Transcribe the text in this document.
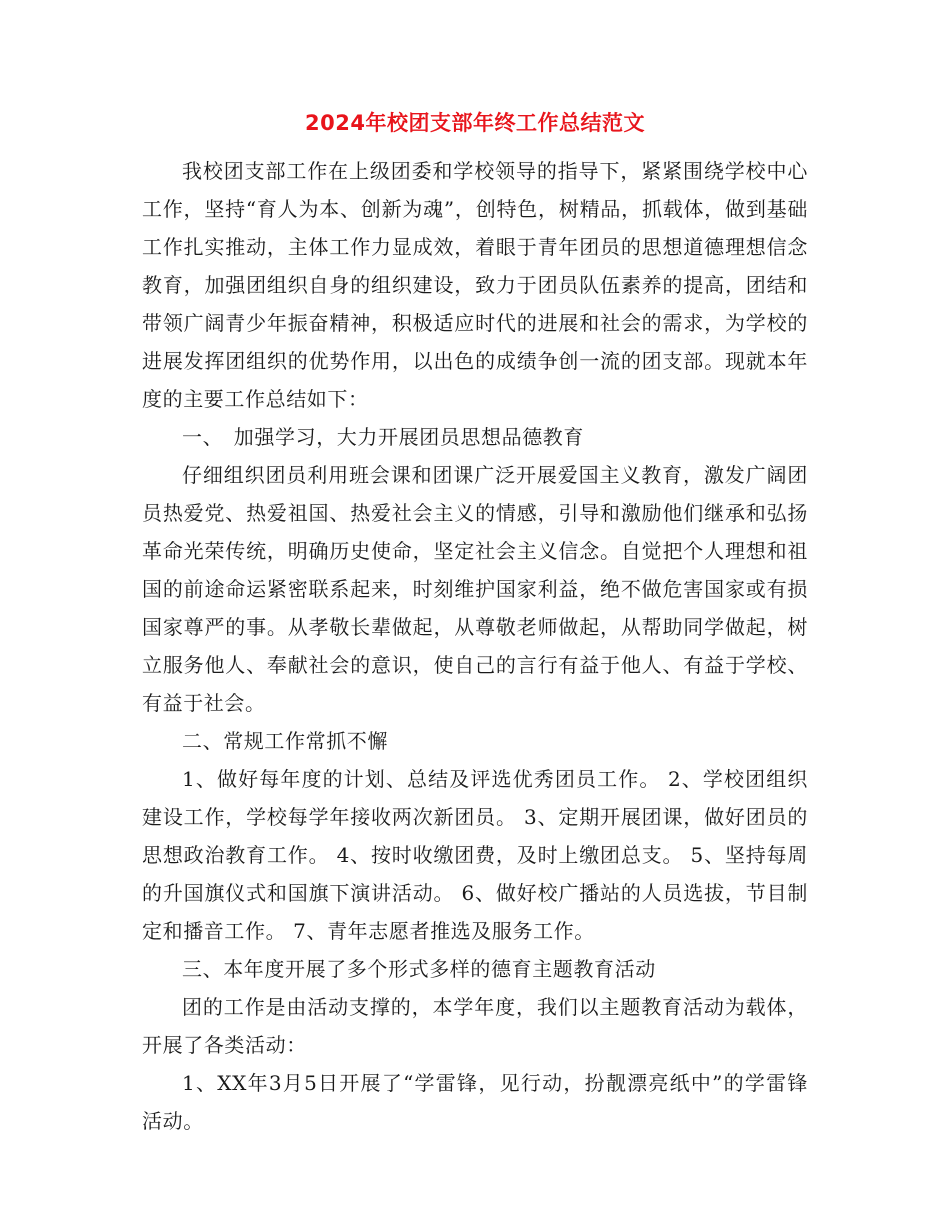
2024年校团支部年终工作总结范文

我校团支部工作在上级团委和学校领导的指导下，紧紧围绕学校中心工作，坚持“育人为本、创新为魂”，创特色，树精品，抓载体，做到基础工作扎实推动，主体工作力显成效，着眼于青年团员的思想道德理想信念教育，加强团组织自身的组织建设，致力于团员队伍素养的提高，团结和带领广阔青少年振奋精神，积极适应时代的进展和社会的需求，为学校的进展发挥团组织的优势作用，以出色的成绩争创一流的团支部。现就本年度的主要工作总结如下：

一、　加强学习，大力开展团员思想品德教育

仔细组织团员利用班会课和团课广泛开展爱国主义教育，激发广阔团员热爱党、热爱祖国、热爱社会主义的情感，引导和激励他们继承和弘扬革命光荣传统，明确历史使命，坚定社会主义信念。自觉把个人理想和祖国的前途命运紧密联系起来，时刻维护国家利益，绝不做危害国家或有损国家尊严的事。从孝敬长辈做起，从尊敬老师做起，从帮助同学做起，树立服务他人、奉献社会的意识，使自己的言行有益于他人、有益于学校、有益于社会。

二、常规工作常抓不懈

1、做好每年度的计划、总结及评选优秀团员工作。 2、学校团组织建设工作，学校每学年接收两次新团员。 3、定期开展团课，做好团员的思想政治教育工作。 4、按时收缴团费，及时上缴团总支。 5、坚持每周的升国旗仪式和国旗下演讲活动。 6、做好校广播站的人员选拔，节目制定和播音工作。 7、青年志愿者推选及服务工作。

三、本年度开展了多个形式多样的德育主题教育活动

团的工作是由活动支撑的，本学年度，我们以主题教育活动为载体，开展了各类活动：

1、XX年3月5日开展了“学雷锋，见行动，扮靓漂亮纸中”的学雷锋活动。
